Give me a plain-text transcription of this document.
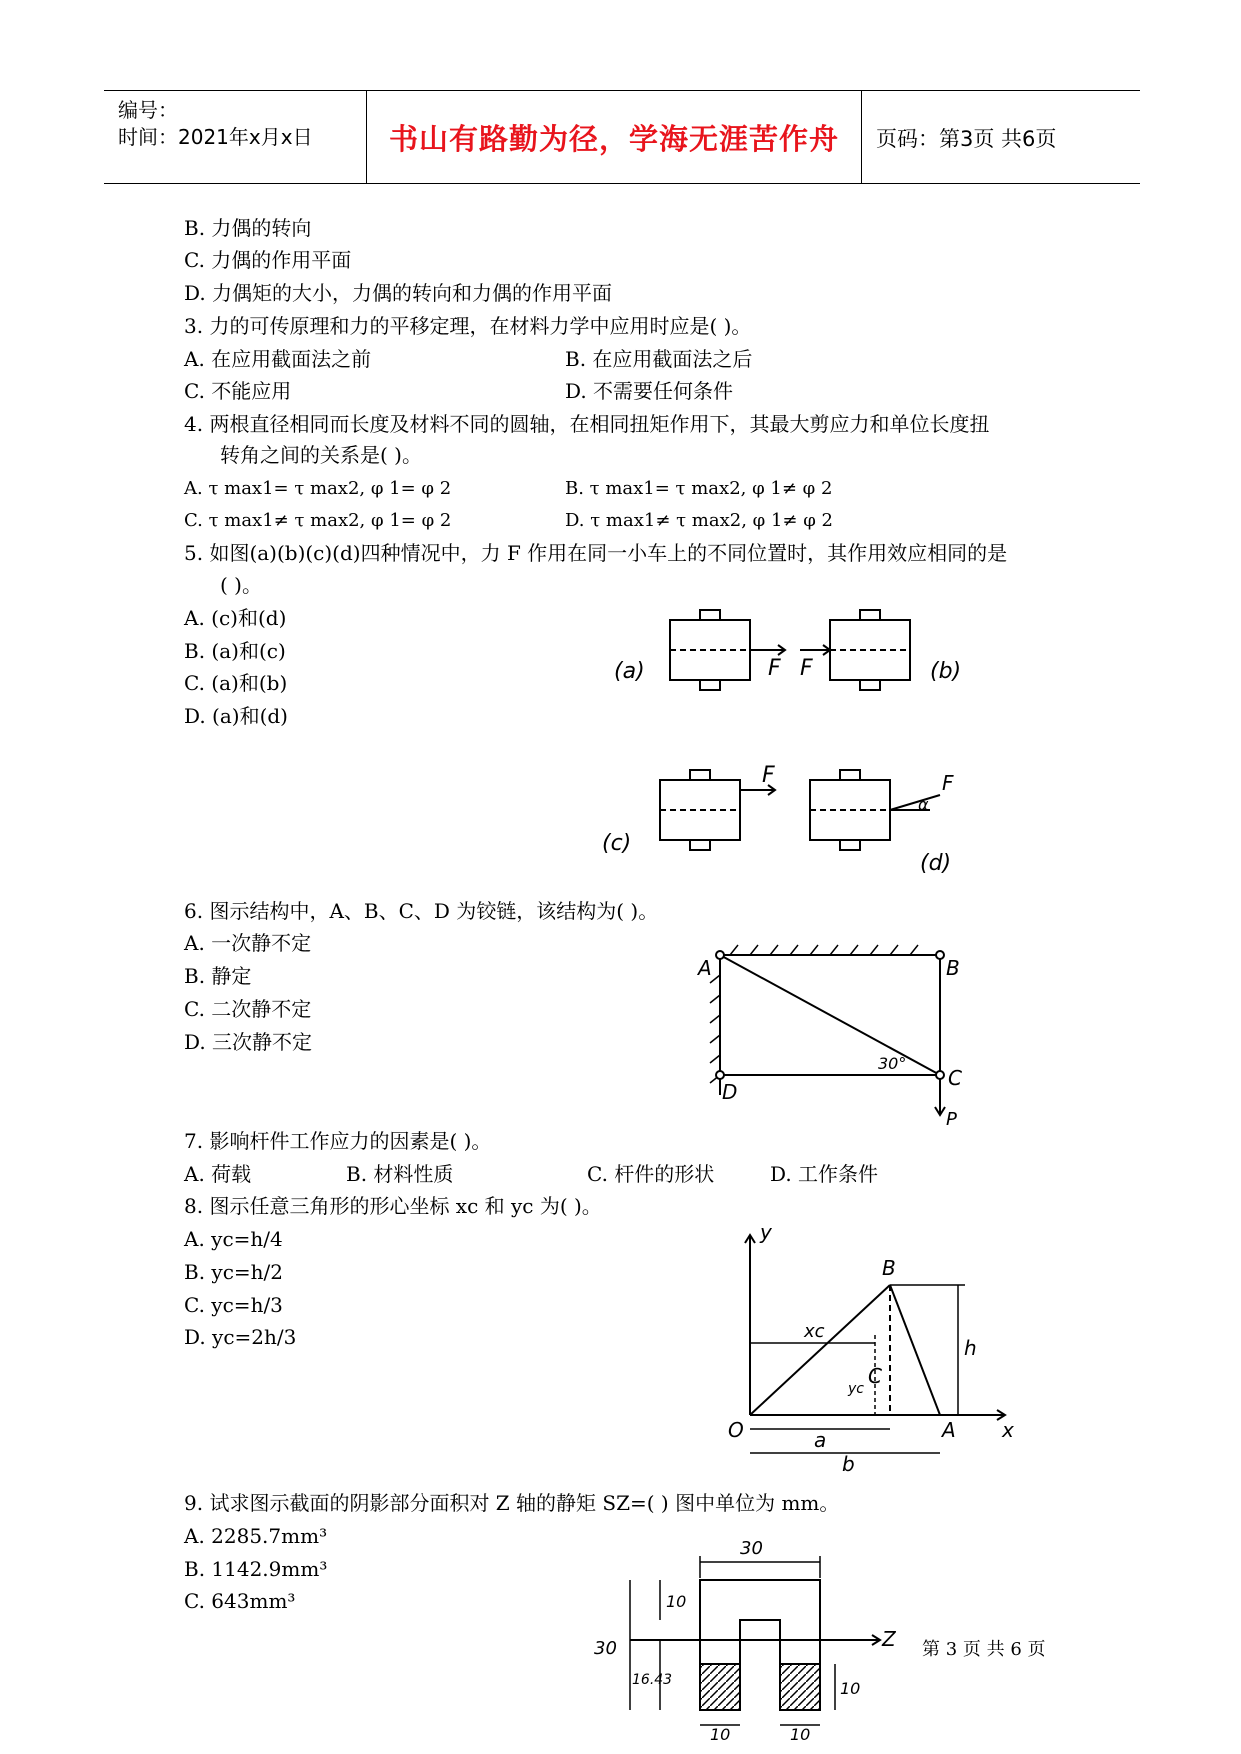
编号：
时间：2021年x月x日	书山有路勤为径，学海无涯苦作舟	页码：第3页 共6页
B. 力偶的转向
C. 力偶的作用平面
D. 力偶矩的大小，力偶的转向和力偶的作用平面
3. 力的可传原理和力的平移定理，在材料力学中应用时应是( )。
A. 在应用截面法之前	B. 在应用截面法之后
C. 不能应用	D. 不需要任何条件
4. 两根直径相同而长度及材料不同的圆轴，在相同扭矩作用下，其最大剪应力和单位长度扭
转角之间的关系是( )。
A. τ max1= τ max2, φ 1= φ 2	B. τ max1= τ max2, φ 1≠ φ 2
C. τ max1≠ τ max2, φ 1= φ 2	D. τ max1≠ τ max2, φ 1≠ φ 2
5. 如图(a)(b)(c)(d)四种情况中，力 F 作用在同一小车上的不同位置时，其作用效应相同的是
( )。
A. (c)和(d)
B. (a)和(c)
C. (a)和(b)
D. (a)和(d)
6. 图示结构中，A、B、C、D 为铰链，该结构为( )。
A. 一次静不定
B. 静定
C. 二次静不定
D. 三次静不定
7. 影响杆件工作应力的因素是( )。
A. 荷载	B. 材料性质	C. 杆件的形状	D. 工作条件
8. 图示任意三角形的形心坐标 xc 和 yc 为( )。
A. yc=h/4
B. yc=h/2
C. yc=h/3
D. yc=2h/3
9. 试求图示截面的阴影部分面积对 Z 轴的静矩 SZ=( ) 图中单位为 mm。
A. 2285.7mm³
B. 1142.9mm³
C. 643mm³
(a)	F F	(b)
(c)
F	F
α
(d)
A	B
C
D
P
30°
y
x
B
O	A
C
h
a
b
xc
yc
30
10
30
16.43
Z
10
10	10
第 3 页 共 6 页
